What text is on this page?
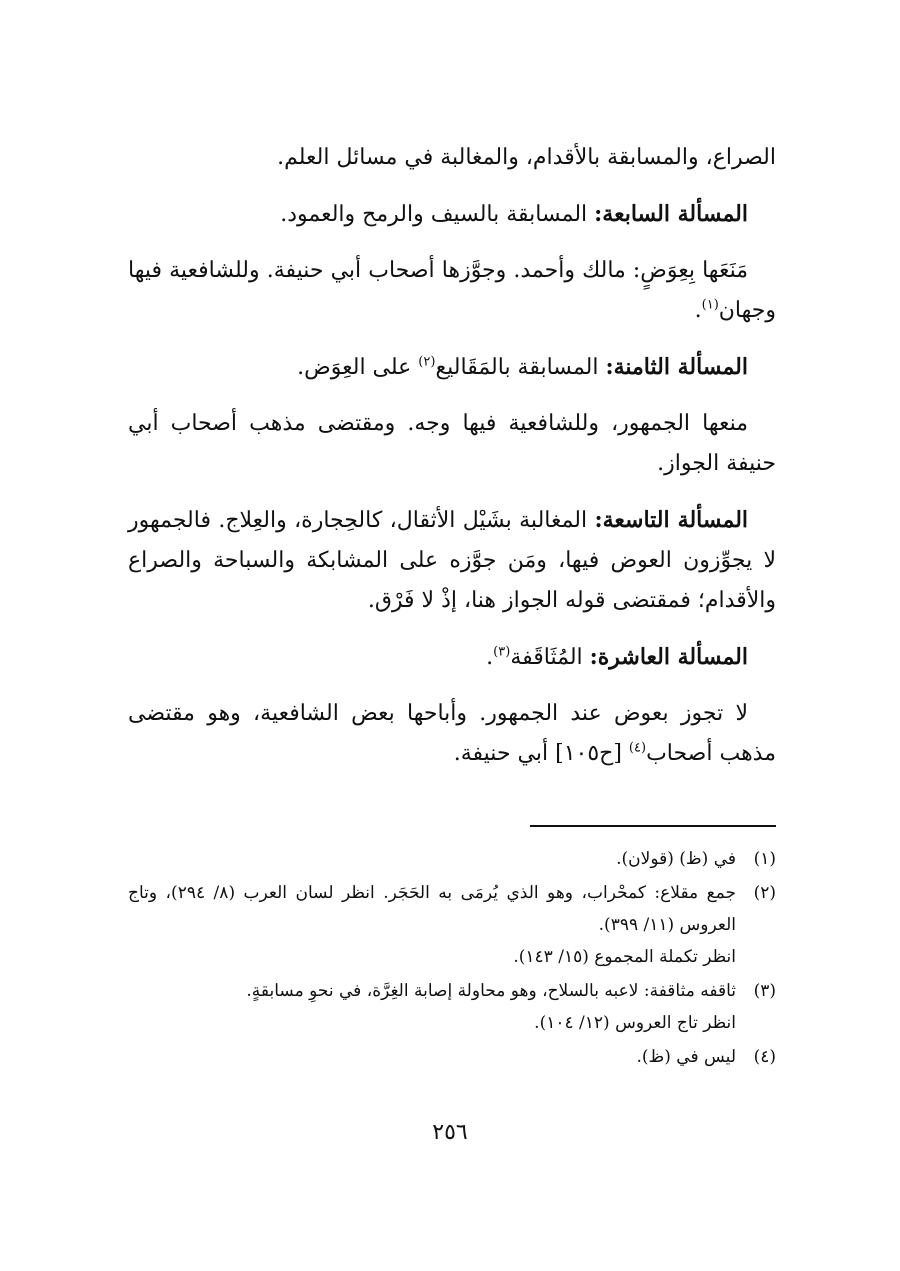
الصراع، والمسابقة بالأقدام، والمغالبة في مسائل العلم.

المسألة السابعة: المسابقة بالسيف والرمح والعمود.

مَنَعَها بِعِوَضٍ: مالك وأحمد. وجوَّزها أصحاب أبي حنيفة. وللشافعية فيها وجهان$^{(١)}$.

المسألة الثامنة: المسابقة بالمَقَاليع$^{(٢)}$ على العِوَض.

منعها الجمهور، وللشافعية فيها وجه. ومقتضى مذهب أصحاب أبي حنيفة الجواز.

المسألة التاسعة: المغالبة بشَيْل الأثقال، كالحِجارة، والعِلاج. فالجمهور لا يجوِّزون العوض فيها، ومَن جوَّزه على المشابكة والسباحة والصراع والأقدام؛ فمقتضى قوله الجواز هنا، إذْ لا فَرْق.

المسألة العاشرة: المُثَاقَفة$^{(٣)}$.

لا تجوز بعوض عند الجمهور. وأباحها بعض الشافعية، وهو مقتضى مذهب أصحاب$^{(٤)}$ [ح١٠٥] أبي حنيفة.

(١)
في (ظ) (قولان).
(٢)
جمع مقلاع: كمحْراب، وهو الذي يُرمَى به الحَجَر. انظر لسان العرب (٨/ ٢٩٤)، وتاج العروس (١١/ ٣٩٩).
انظر تكملة المجموع (١٥/ ١٤٣).
(٣)
ثاقفه مثاقفة: لاعبه بالسلاح، وهو محاولة إصابة الغِرَّة، في نحوِ مسابقةٍ.
انظر تاج العروس (١٢/ ١٠٤).
(٤)
ليس في (ظ).
٢٥٦
